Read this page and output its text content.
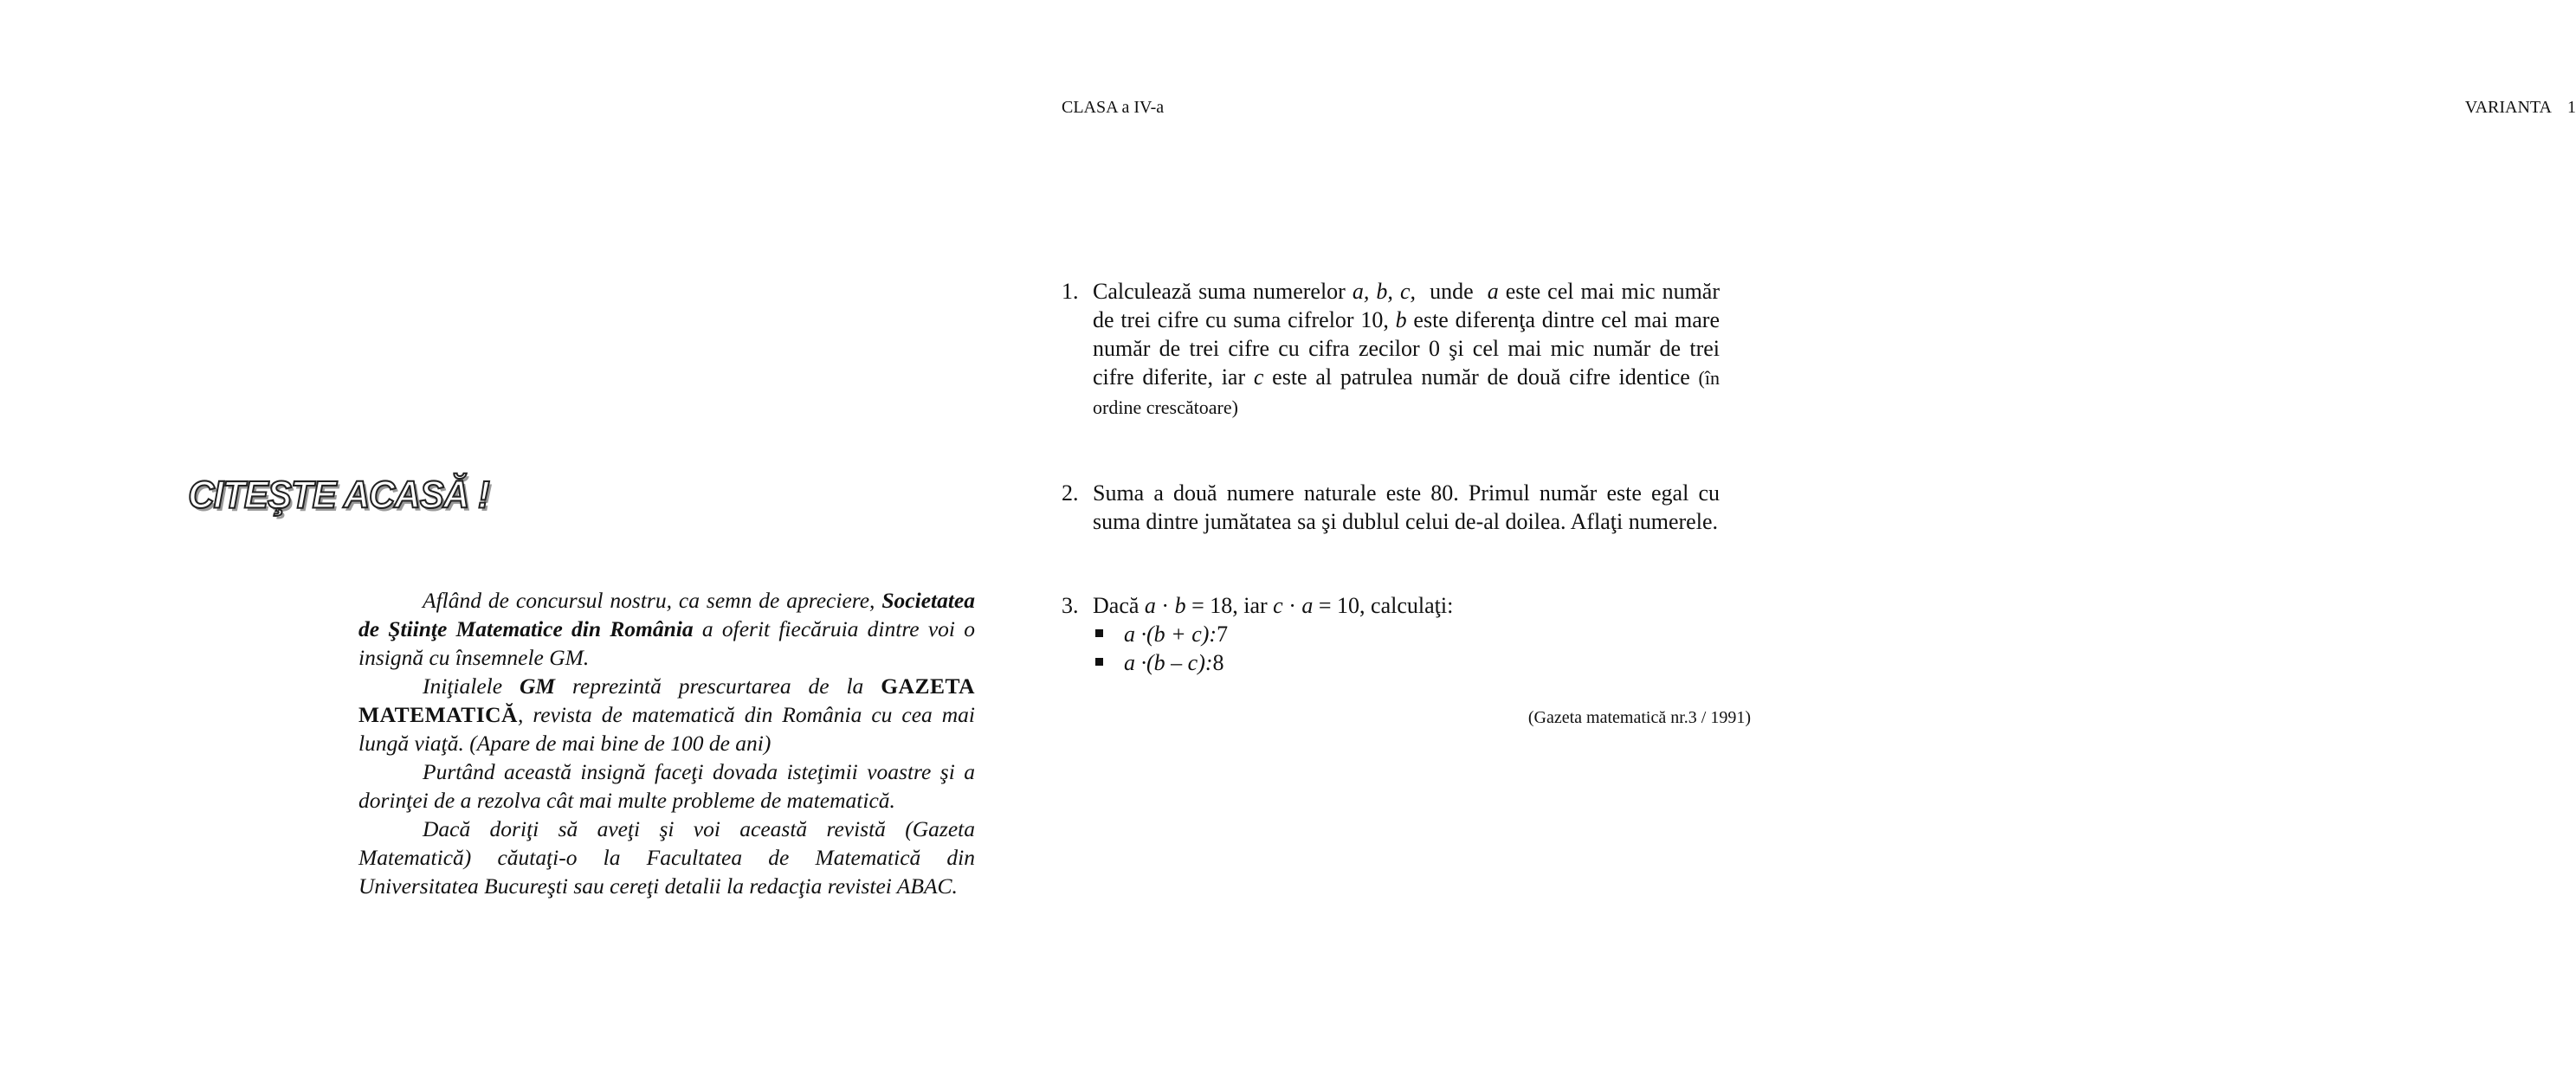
CITEŞTE ACASĂ !

Aflând de concursul nostru, ca semn de apreciere, Societatea de Ştiinţe Matematice din România a oferit fiecăruia dintre voi o insignă cu însemnele GM.

Iniţialele GM reprezintă prescurtarea de la GAZETA MATEMATICĂ, revista de matematică din România cu cea mai lungă viaţă. (Apare de mai bine de 100 de ani)

Purtând această insignă faceţi dovada isteţimii voastre şi a dorinţei de a rezolva cât mai multe probleme de matematică.

Dacă doriţi să aveţi şi voi această revistă (Gazeta Matematică) căutaţi-o la Facultatea de Matematică din Universitatea Bucureşti sau cereţi detalii la redacţia revistei ABAC.

CLASA a IV-a	VARIANTA 1
1. Calculează suma numerelor a, b, c,  unde  a este cel mai mic număr de trei cifre cu suma cifrelor 10, b este diferenţa dintre cel mai mare număr de trei cifre cu cifra zecilor 0 şi cel mai mic număr de trei cifre diferite, iar c este al patrulea număr de două cifre identice (în ordine crescătoare)
2. Suma a două numere naturale este 80. Primul număr este egal cu suma dintre jumătatea sa şi dublul celui de-al doilea. Aflaţi numerele.
3. Dacă a · b = 18, iar c · a = 10, calculaţi:
a ·(b + c):7
a ·(b – c):8
(Gazeta matematică nr.3 / 1991)
